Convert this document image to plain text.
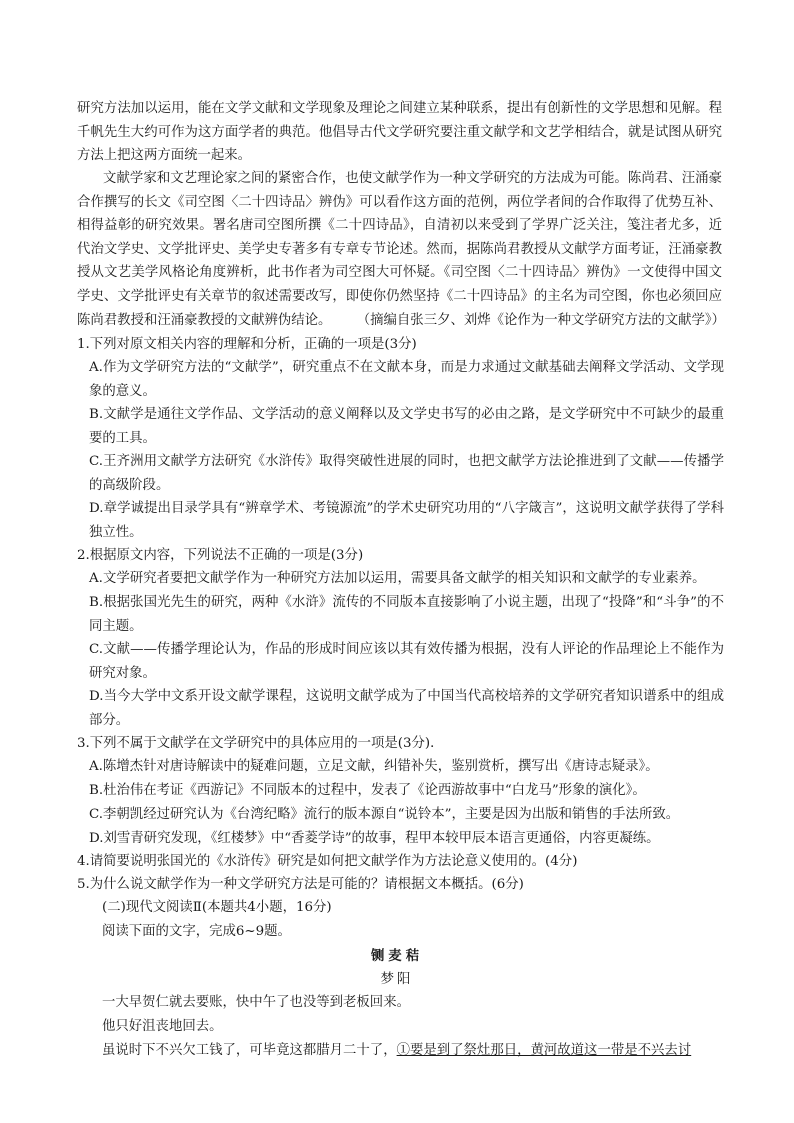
研究方法加以运用，能在文学文献和文学现象及理论之间建立某种联系，提出有创新性的文学思想和见解。程千帆先生大约可作为这方面学者的典范。他倡导古代文学研究要注重文献学和文艺学相结合，就是试图从研究方法上把这两方面统一起来。
文献学家和文艺理论家之间的紧密合作，也使文献学作为一种文学研究的方法成为可能。陈尚君、汪涌豪合作撰写的长文《司空图〈二十四诗品〉辨伪》可以看作这方面的范例，两位学者间的合作取得了优势互补、相得益彰的研究效果。署名唐司空图所撰《二十四诗品》，自清初以来受到了学界广泛关注，笺注者尤多，近代治文学史、文学批评史、美学史专著多有专章专节论述。然而，据陈尚君教授从文献学方面考证，汪涌豪教授从文艺美学风格论角度辨析，此书作者为司空图大可怀疑。《司空图〈二十四诗品〉辨伪》一文使得中国文学史、文学批评史有关章节的叙述需要改写，即使你仍然坚持《二十四诗品》的主名为司空图，你也必须回应陈尚君教授和汪涌豪教授的文献辨伪结论。	（摘编自张三夕、刘烨《论作为一种文学研究方法的文献学》）
1.下列对原文相关内容的理解和分析，正确的一项是(3分)
A.作为文学研究方法的“文献学”，研究重点不在文献本身，而是力求通过文献基础去阐释文学活动、文学现象的意义。
B.文献学是通往文学作品、文学活动的意义阐释以及文学史书写的必由之路，是文学研究中不可缺少的最重要的工具。
C.王齐洲用文献学方法研究《水浒传》取得突破性进展的同时，也把文献学方法论推进到了文献——传播学的高级阶段。
D.章学诚提出目录学具有“辨章学术、考镜源流”的学术史研究功用的“八字箴言”，这说明文献学获得了学科独立性。
2.根据原文内容，下列说法不正确的一项是(3分)
A.文学研究者要把文献学作为一种研究方法加以运用，需要具备文献学的相关知识和文献学的专业素养。
B.根据张国光先生的研究，两种《水浒》流传的不同版本直接影响了小说主题，出现了“投降”和“斗争”的不同主题。
C.文献——传播学理论认为，作品的形成时间应该以其有效传播为根据，没有人评论的作品理论上不能作为研究对象。
D.当今大学中文系开设文献学课程，这说明文献学成为了中国当代高校培养的文学研究者知识谱系中的组成部分。
3.下列不属于文献学在文学研究中的具体应用的一项是(3分)．
A.陈增杰针对唐诗解读中的疑难问题，立足文献，纠错补失，鉴别赏析，撰写出《唐诗志疑录》。
B.杜治伟在考证《西游记》不同版本的过程中，发表了《论西游故事中“白龙马”形象的演化》。
C.李朝凯经过研究认为《台湾纪略》流行的版本源自“说铃本”，主要是因为出版和销售的手法所致。
D.刘雪青研究发现，《红楼梦》中“香菱学诗”的故事，程甲本较甲辰本语言更通俗，内容更凝练。
4.请简要说明张国光的《水浒传》研究是如何把文献学作为方法论意义使用的。(4分)
5.为什么说文献学作为一种文学研究方法是可能的？请根据文本概括。(6分)
(二)现代文阅读Ⅱ(本题共4小题，16分)
阅读下面的文字，完成6~9题。
铡麦秸
梦阳
一大早贺仁就去要账，快中午了也没等到老板回来。
他只好沮丧地回去。
虽说时下不兴欠工钱了，可毕竟这都腊月二十了，①要是到了祭灶那日，黄河故道这一带是不兴去讨
